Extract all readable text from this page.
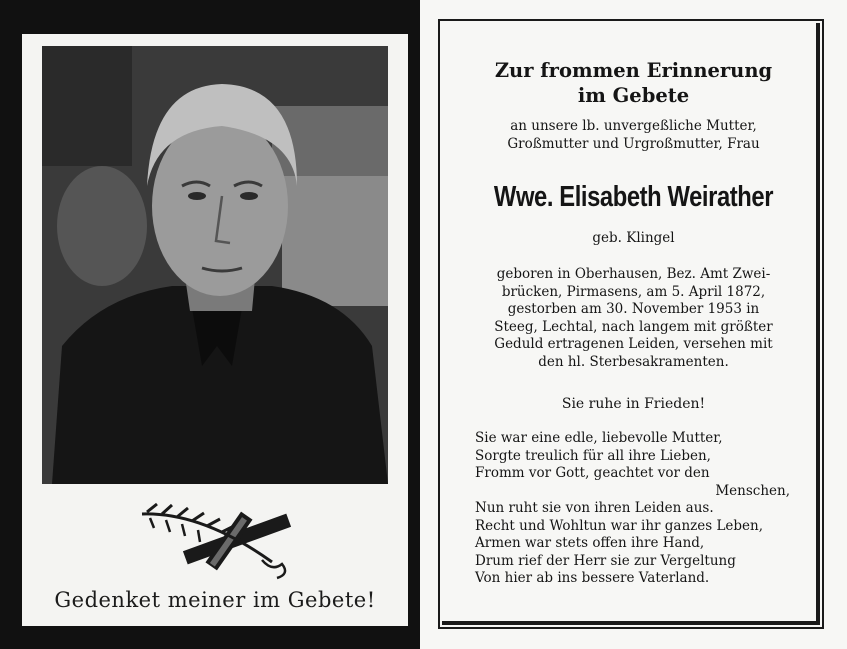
Gedenket meiner im Gebete!
Zur frommen Erinnerung
im Gebete
an unsere lb. unvergeßliche Mutter,
Großmutter und Urgroßmutter, Frau
Wwe. Elisabeth Weirather
geb. Klingel
geboren in Oberhausen, Bez. Amt Zwei-
brücken, Pirmasens, am 5. April 1872,
gestorben am 30. November 1953 in
Steeg, Lechtal, nach langem mit größter
Geduld ertragenen Leiden, versehen mit
den hl. Sterbesakramenten.
Sie ruhe in Frieden!
Sie war eine edle, liebevolle Mutter,
Sorgte treulich für all ihre Lieben,
Fromm vor Gott, geachtet vor den
Menschen,
Nun ruht sie von ihren Leiden aus.
Recht und Wohltun war ihr ganzes Leben,
Armen war stets offen ihre Hand,
Drum rief der Herr sie zur Vergeltung
Von hier ab ins bessere Vaterland.
